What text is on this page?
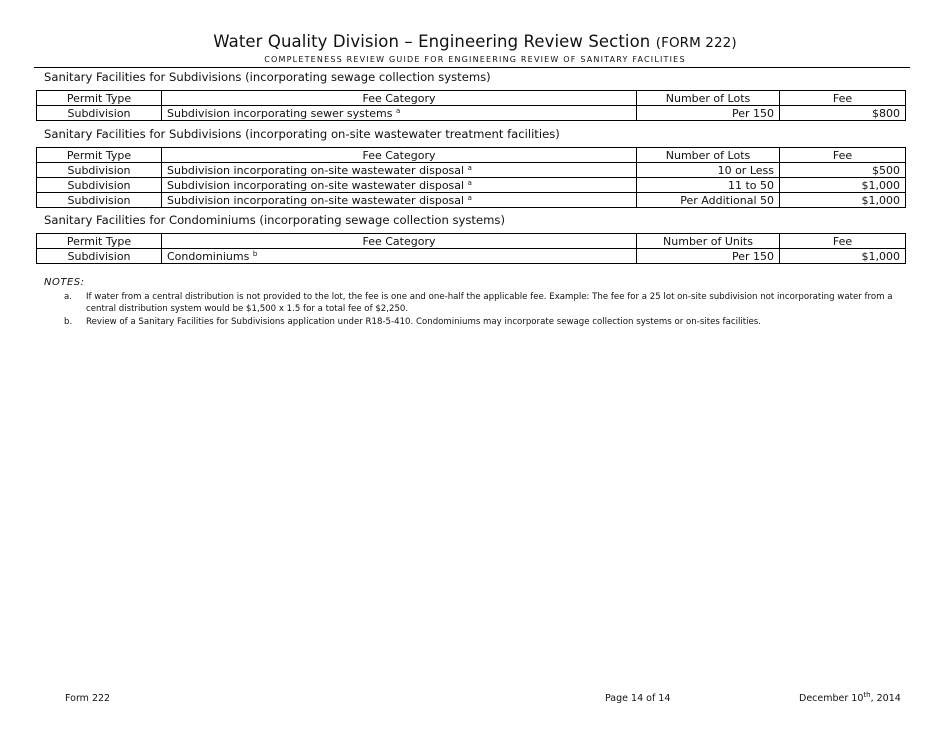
Water Quality Division – Engineering Review Section (FORM 222)
COMPLETENESS REVIEW GUIDE FOR ENGINEERING REVIEW OF SANITARY FACILITIES
Sanitary Facilities for Subdivisions (incorporating sewage collection systems)
Permit Type	Fee Category	Number of Lots	Fee
Subdivision	Subdivision incorporating sewer systems $^a$	Per 150	$800
Sanitary Facilities for Subdivisions (incorporating on-site wastewater treatment facilities)
Permit Type	Fee Category	Number of Lots	Fee
Subdivision	Subdivision incorporating on-site wastewater disposal $^a$	10 or Less	$500
Subdivision	Subdivision incorporating on-site wastewater disposal $^a$	11 to 50	$1,000
Subdivision	Subdivision incorporating on-site wastewater disposal $^a$	Per Additional 50	$1,000
Sanitary Facilities for Condominiums (incorporating sewage collection systems)
Permit Type	Fee Category	Number of Units	Fee
Subdivision	Condominiums $^b$	Per 150	$1,000
NOTES:
a. If water from a central distribution is not provided to the lot, the fee is one and one-half the applicable fee. Example: The fee for a 25 lot on-site subdivision not incorporating water from a central distribution system would be $1,500 x 1.5 for a total fee of $2,250.
b. Review of a Sanitary Facilities for Subdivisions application under R18-5-410. Condominiums may incorporate sewage collection systems or on-sites facilities.
Form 222	Page 14 of 14	December 10th, 2014
